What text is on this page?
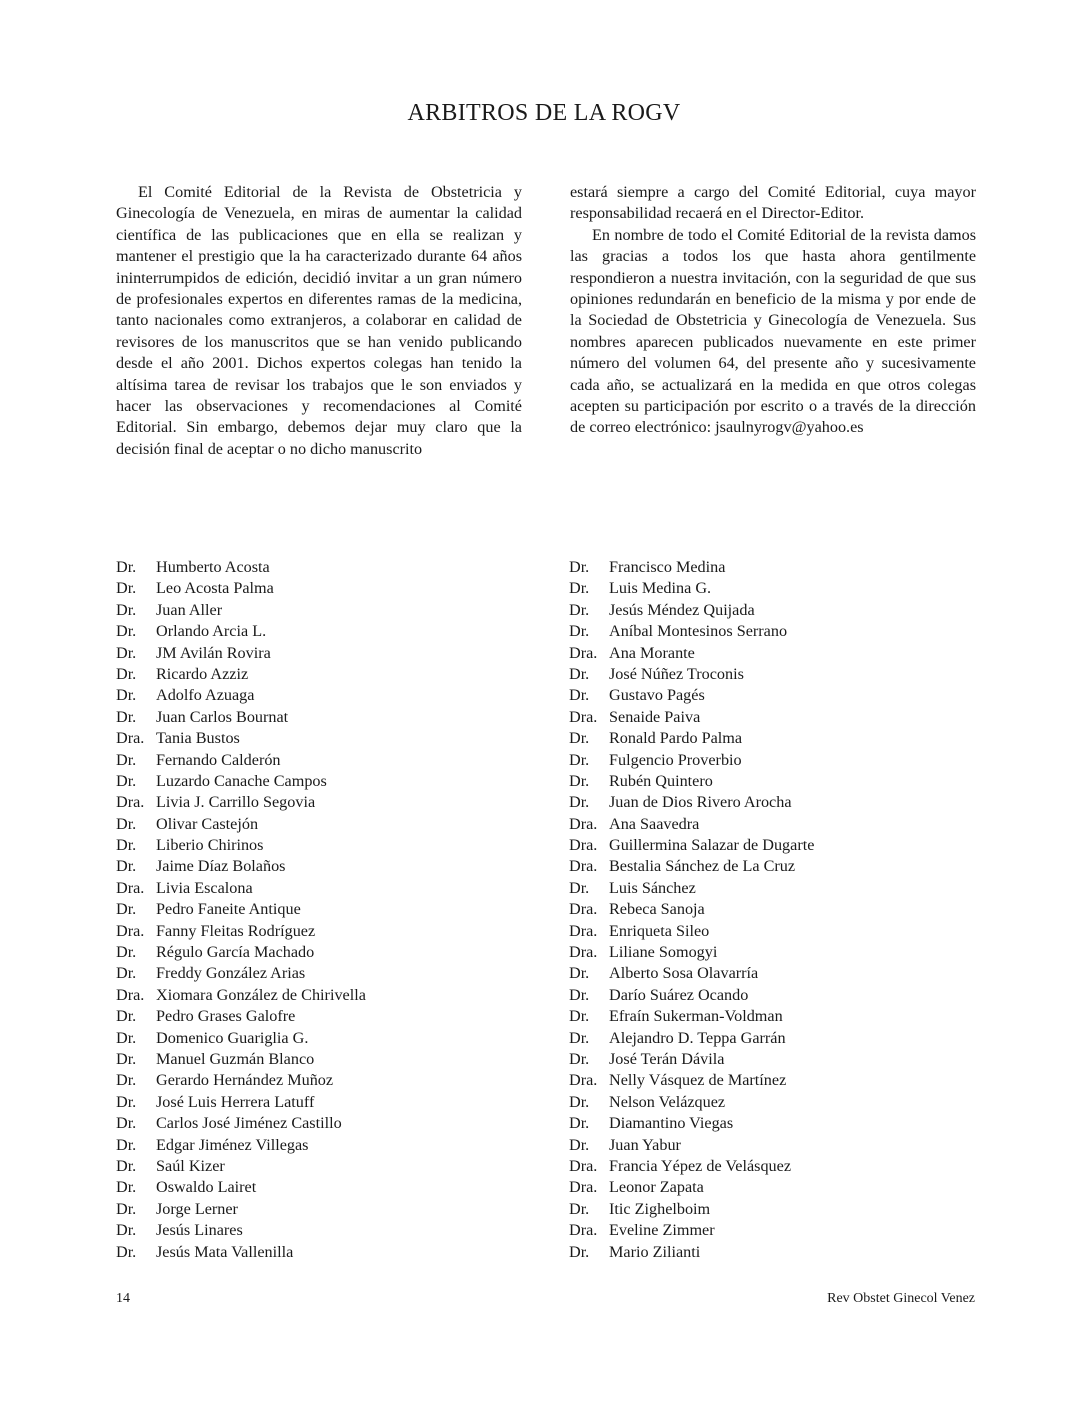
ARBITROS DE LA ROGV

El Comité Editorial de la Revista de Obstetricia y Ginecología de Venezuela, en miras de aumentar la calidad científica de las publicaciones que en ella se realizan y mantener el prestigio que la ha caracterizado durante 64 años ininterrumpidos de edición, decidió invitar a un gran número de profesionales expertos en diferentes ramas de la medicina, tanto nacionales como extranjeros, a colaborar en calidad de revisores de los manuscritos que se han venido publicando desde el año 2001. Dichos expertos colegas han tenido la altísima tarea de revisar los trabajos que le son enviados y hacer las observaciones y recomendaciones al Comité Editorial. Sin embargo, debemos dejar muy claro que la decisión final de aceptar o no dicho manuscrito

estará siempre a cargo del Comité Editorial, cuya mayor responsabilidad recaerá en el Director-Editor.

En nombre de todo el Comité Editorial de la revista damos las gracias a todos los que hasta ahora gentilmente respondieron a nuestra invitación, con la seguridad de que sus opiniones redundarán en beneficio de la misma y por ende de la Sociedad de Obstetricia y Ginecología de Venezuela. Sus nombres aparecen publicados nuevamente en este primer número del volumen 64, del presente año y sucesivamente cada año, se actualizará en la medida en que otros colegas acepten su participación por escrito o a través de la dirección de correo electrónico: jsaulnyrogv@yahoo.es

Dr.	Humberto Acosta
Dr.	Leo Acosta Palma
Dr.	Juan Aller
Dr.	Orlando Arcia L.
Dr.	JM Avilán Rovira
Dr.	Ricardo Azziz
Dr.	Adolfo Azuaga
Dr.	Juan Carlos Bournat
Dra. Tania Bustos
Dr.	Fernando Calderón
Dr.	Luzardo Canache Campos
Dra. Livia J. Carrillo Segovia
Dr.	Olivar Castejón
Dr.	Liberio Chirinos
Dr.	Jaime Díaz Bolaños
Dra. Livia Escalona
Dr.	Pedro Faneite Antique
Dra. Fanny Fleitas Rodríguez
Dr.	Régulo García Machado
Dr.	Freddy González Arias
Dra. Xiomara González de Chirivella
Dr.	Pedro Grases Galofre
Dr.	Domenico Guariglia G.
Dr.	Manuel Guzmán Blanco
Dr.	Gerardo Hernández Muñoz
Dr.	José Luis Herrera Latuff
Dr.	Carlos José Jiménez Castillo
Dr.	Edgar Jiménez Villegas
Dr.	Saúl Kizer
Dr.	Oswaldo Lairet
Dr.	Jorge Lerner
Dr.	Jesús Linares
Dr.	Jesús Mata Vallenilla
Dr.	Francisco Medina
Dr.	Luis Medina G.
Dr.	Jesús Méndez Quijada
Dr.	Aníbal Montesinos Serrano
Dra. Ana Morante
Dr.	José Núñez Troconis
Dr.	Gustavo Pagés
Dra. Senaide Paiva
Dr.	Ronald Pardo Palma
Dr.	Fulgencio Proverbio
Dr.	Rubén Quintero
Dr.	Juan de Dios Rivero Arocha
Dra. Ana Saavedra
Dra. Guillermina Salazar de Dugarte
Dra. Bestalia Sánchez de La Cruz
Dr.	Luis Sánchez
Dra. Rebeca Sanoja
Dra. Enriqueta Sileo
Dra. Liliane Somogyi
Dr.	Alberto Sosa Olavarría
Dr.	Darío Suárez Ocando
Dr.	Efraín Sukerman-Voldman
Dr.	Alejandro D. Teppa Garrán
Dr.	José Terán Dávila
Dra. Nelly Vásquez de Martínez
Dr.	Nelson Velázquez
Dr.	Diamantino Viegas
Dr.	Juan Yabur
Dra. Francia Yépez de Velásquez
Dra. Leonor Zapata
Dr.	Itic Zighelboim
Dra. Eveline Zimmer
Dr.	Mario Zilianti
14	Rev Obstet Ginecol Venez
